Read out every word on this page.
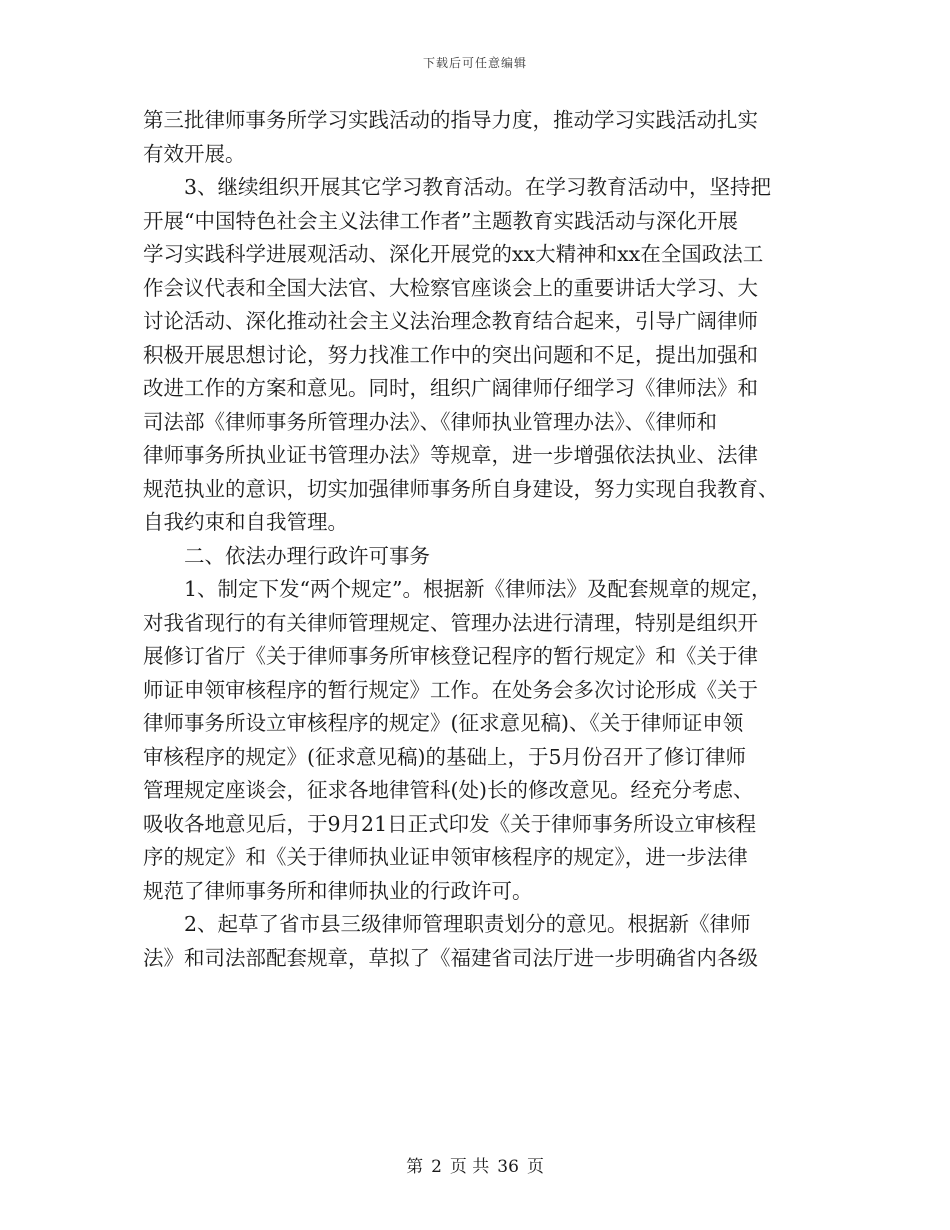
下载后可任意编辑
第三批律师事务所学习实践活动的指导力度，推动学习实践活动扎实
有效开展。
3、继续组织开展其它学习教育活动。在学习教育活动中，坚持把
开展“中国特色社会主义法律工作者”主题教育实践活动与深化开展
学习实践科学进展观活动、深化开展党的xx大精神和xx在全国政法工
作会议代表和全国大法官、大检察官座谈会上的重要讲话大学习、大
讨论活动、深化推动社会主义法治理念教育结合起来，引导广阔律师
积极开展思想讨论，努力找准工作中的突出问题和不足，提出加强和
改进工作的方案和意见。同时，组织广阔律师仔细学习《律师法》和
司法部《律师事务所管理办法》、《律师执业管理办法》、《律师和
律师事务所执业证书管理办法》等规章，进一步增强依法执业、法律
规范执业的意识，切实加强律师事务所自身建设，努力实现自我教育、
自我约束和自我管理。
二、依法办理行政许可事务
1、制定下发“两个规定”。根据新《律师法》及配套规章的规定，
对我省现行的有关律师管理规定、管理办法进行清理，特别是组织开
展修订省厅《关于律师事务所审核登记程序的暂行规定》和《关于律
师证申领审核程序的暂行规定》工作。在处务会多次讨论形成《关于
律师事务所设立审核程序的规定》(征求意见稿)、《关于律师证申领
审核程序的规定》(征求意见稿)的基础上，于5月份召开了修订律师
管理规定座谈会，征求各地律管科(处)长的修改意见。经充分考虑、
吸收各地意见后，于9月21日正式印发《关于律师事务所设立审核程
序的规定》和《关于律师执业证申领审核程序的规定》，进一步法律
规范了律师事务所和律师执业的行政许可。
2、起草了省市县三级律师管理职责划分的意见。根据新《律师
法》和司法部配套规章，草拟了《福建省司法厅进一步明确省内各级
第 2 页 共 36 页
